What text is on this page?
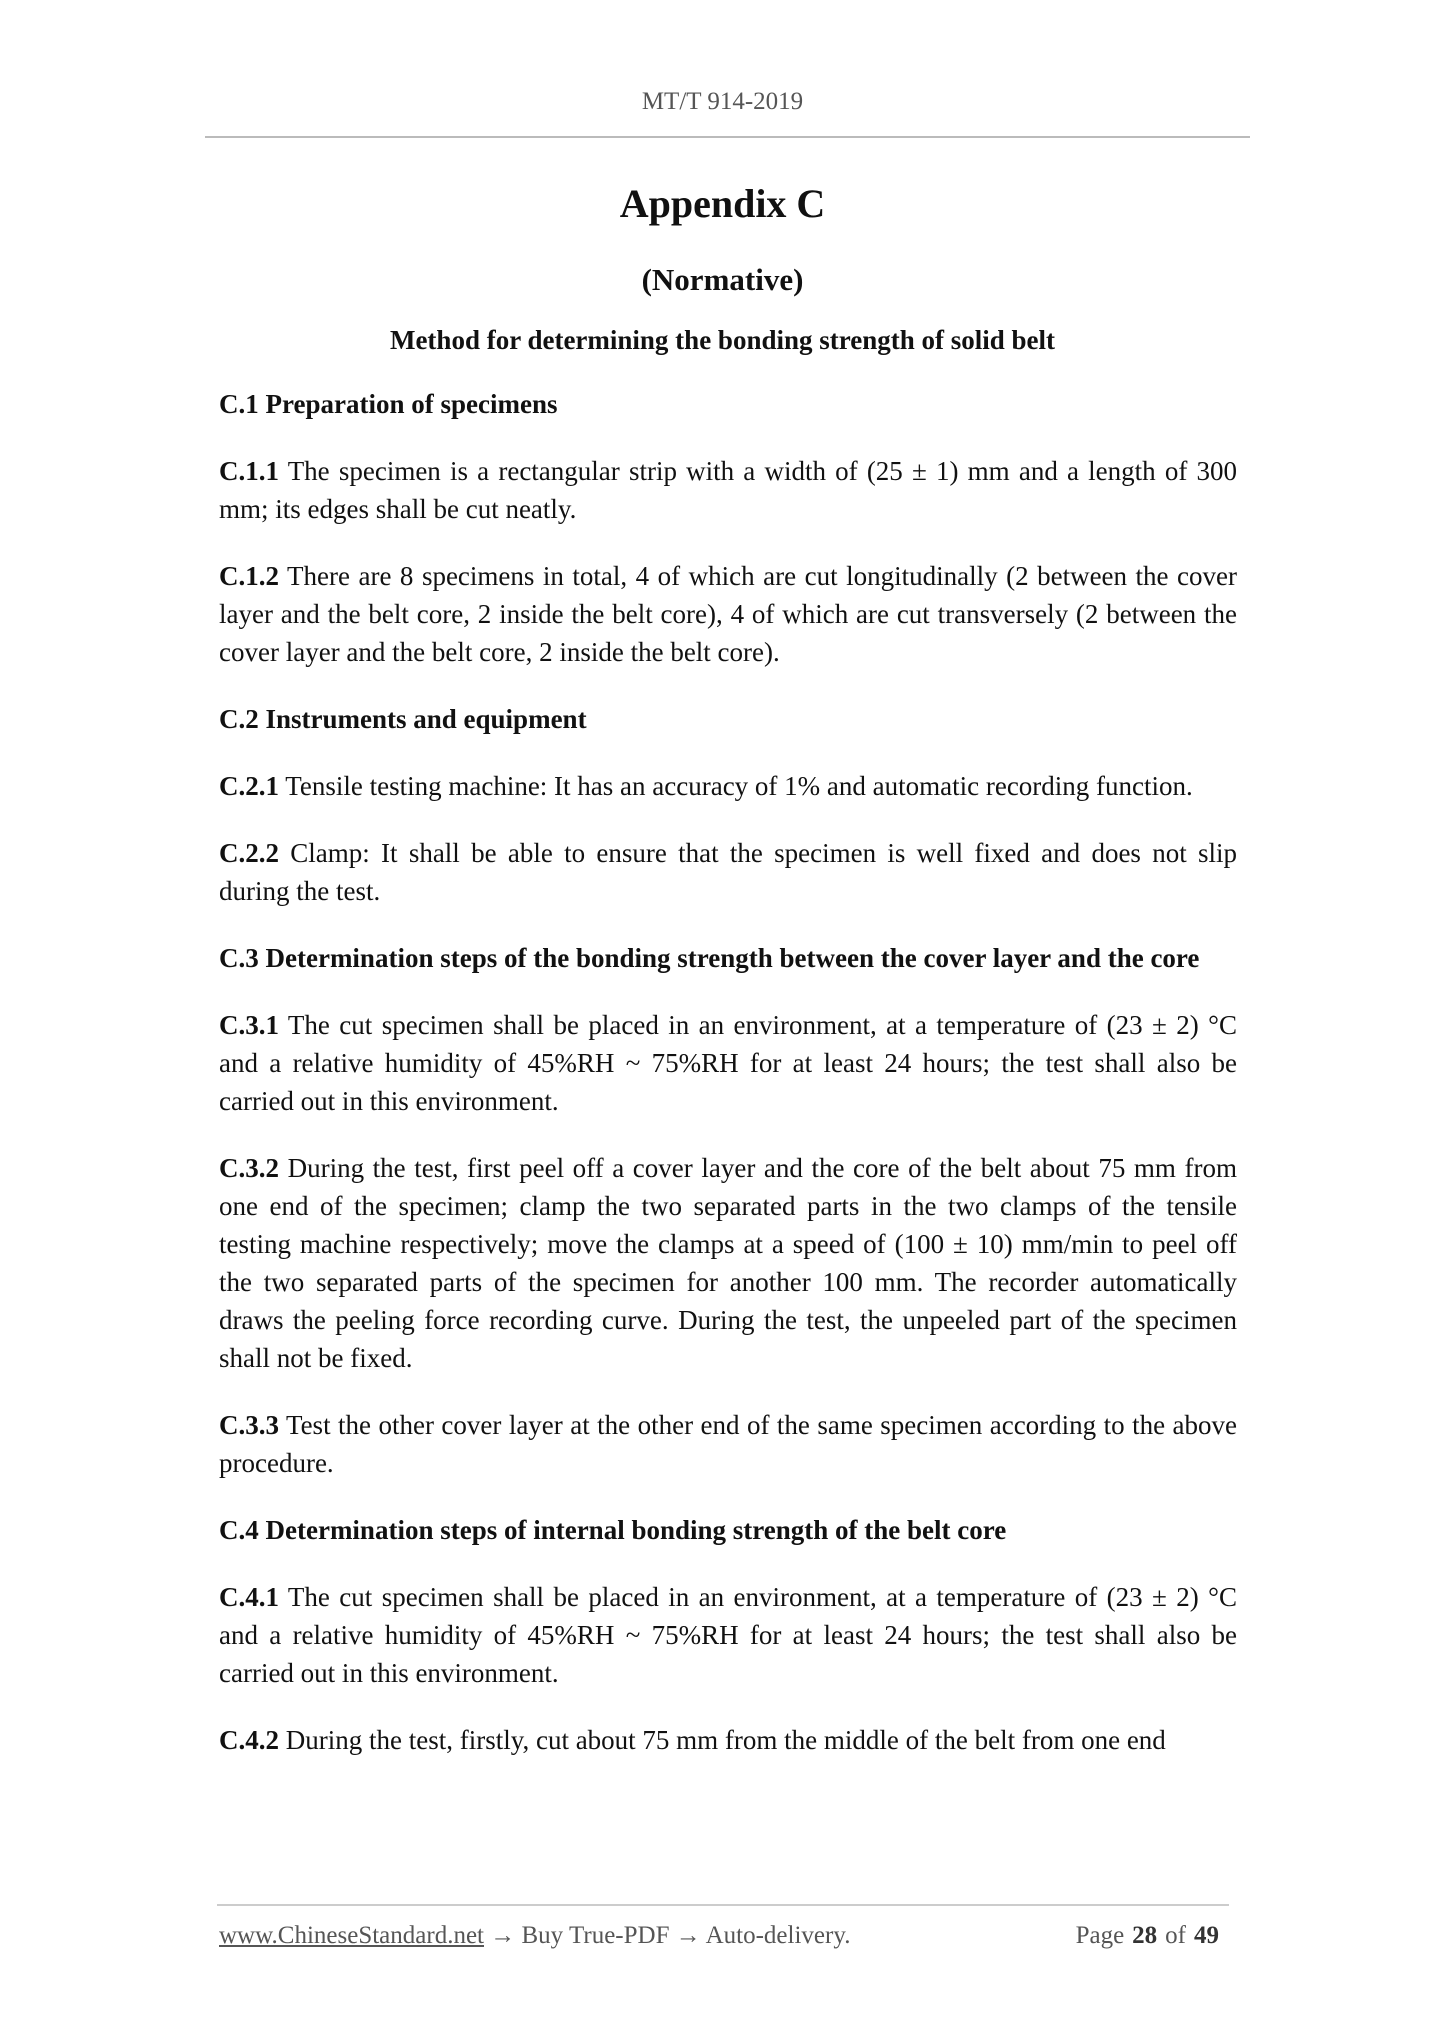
MT/T 914-2019
Appendix C
(Normative)
Method for determining the bonding strength of solid belt
C.1 Preparation of specimens

C.1.1 The specimen is a rectangular strip with a width of (25 ± 1) mm and a length of 300 mm; its edges shall be cut neatly.

C.1.2 There are 8 specimens in total, 4 of which are cut longitudinally (2 between the cover layer and the belt core, 2 inside the belt core), 4 of which are cut transversely (2 between the cover layer and the belt core, 2 inside the belt core).

C.2 Instruments and equipment

C.2.1 Tensile testing machine: It has an accuracy of 1% and automatic recording function.

C.2.2 Clamp: It shall be able to ensure that the specimen is well fixed and does not slip during the test.

C.3 Determination steps of the bonding strength between the cover layer and the core

C.3.1 The cut specimen shall be placed in an environment, at a temperature of (23 ± 2) °C and a relative humidity of 45%RH ~ 75%RH for at least 24 hours; the test shall also be carried out in this environment.

C.3.2 During the test, first peel off a cover layer and the core of the belt about 75 mm from one end of the specimen; clamp the two separated parts in the two clamps of the tensile testing machine respectively; move the clamps at a speed of (100 ± 10) mm/min to peel off the two separated parts of the specimen for another 100 mm. The recorder automatically draws the peeling force recording curve. During the test, the unpeeled part of the specimen shall not be fixed.

C.3.3 Test the other cover layer at the other end of the same specimen according to the above procedure.

C.4 Determination steps of internal bonding strength of the belt core

C.4.1 The cut specimen shall be placed in an environment, at a temperature of (23 ± 2) °C and a relative humidity of 45%RH ~ 75%RH for at least 24 hours; the test shall also be carried out in this environment.

C.4.2 During the test, firstly, cut about 75 mm from the middle of the belt from one end

www.ChineseStandard.net → Buy True-PDF → Auto-delivery.	Page 28 of 49
